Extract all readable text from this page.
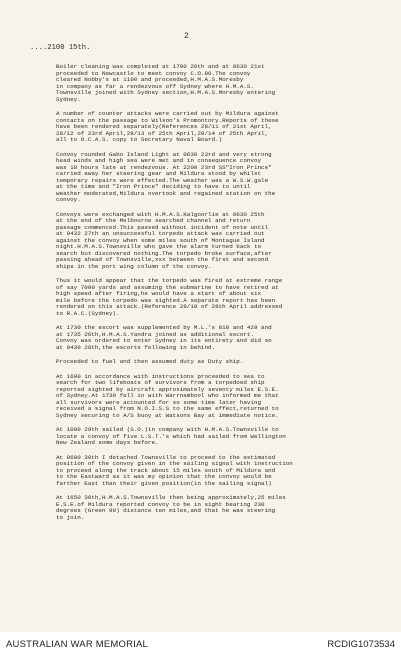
2
....2100 15th.

Boiler cleaning was completed at 1700 20th and at 0630 21st
proceeded to Newcastle to meet convoy C.O.80.The convoy
cleared Nobby's at 1100 and proceeded,H.M.A.S.Moresby
in company as far a rendezvous off Sydney where H.M.A.S.
Townsville joined with Sydney section,H.M.A.S.Moresby entering
Sydney.

A number of counter attacks were carried out by Mildura against
contacts on the passage to Wilson's Promontory.Reports of these
have been rendered separately(References 28/11 of 21st April,
28/12 of 23rd April,28/13 of 25th April,28/14 of 25th April,
all to O.C.A.S. copy to Secretary Naval Board.)

Convoy rounded Gabo Island Light at 0630 23rd and very strong
head winds and high sea were met and in consequence convoy
was 18 hours late at rendezvous. At 2200 23rd SS"Iron Prince"
carried away her steering gear and Mildura stood by whilst
temporary repairs were effected.The weather was a W.S.W.gale
at the time and "Iron Prince" deciding to have to until
weather moderated,Mildura overtook and regained station on the
convoy.

Convoys were exchanged with H.M.A.S.Kalgoorlie at 0630 25th
at the end of the Melbourne searched channel and return
passage commenced.This passed without incident of note until
at 0432 27th an unsuccessful torpedo attack was carried out
against the convoy when some miles south of Montague Island
night.H.M.A.S.Townsville who gave the alarm turned back to
search but discovered nothing.The torpedo broke surface,after
passing ahead of Townsville,xxx between the first and second
ships in the port wing column of the convoy.

Thus it would appear that the torpedo was fired at extreme range
of say 7000 yards and assuming the submarine to have retired at
high speed after firing,he would have a start of about six
mile before the torpedo was sighted.A separate report has been
rendered on this attack.(Reference 28/10 of 28th April addressed
to R.A.C.(Sydney).

At 1730 the escort was supplemented by M.L.'s 818 and 429 and
at 1735 26th,H.M.A.S.Yandra joined as additional escort.
Convoy was ordered to enter Sydney in its entirety and did so
at 0430 28th,the escorts following in behind.

Proceeded to fuel and then assumed duty as Duty ship.

At 1600 in accordance with instructions proceeded to sea to
search for two lifeboats of survivors from a torpedoed ship
reported sighted by aircraft approximately seventy miles E.S.E.
of Sydney.At 1730 fell in with Warrnambool who informed me that
all survivors were accounted for so some time later having
received a signal from N.O.I.S.S to the same effect,returned to
Sydney securing to A/S buoy at Watsons Bay at immediate notice.

At 1000 29th sailed (S.O.)in company with H.M.A.S.Townsville to
locate a convoy of five L.S.T.'s which had sailed from Wellington
New Zealand some days before.

At 0600 30th I detached Townsville to proceed to the estimated
position of the convoy given in the sailing signal with instruction
to proceed along the track about 15 miles south of Mildura and
to the Eastward as it was my opinion that the convoy would be
farther East than their given position(in the sailing signal)

At 1650 30th,H.M.A.S.Townsville then being approximately,25 miles
E.S.E.of Mildura reported convoy to be in sight bearing 230
degrees (Green 90) distance ten miles,and that he was steering
to join.

AUSTRALIAN WAR MEMORIAL	RCDIG1073534
